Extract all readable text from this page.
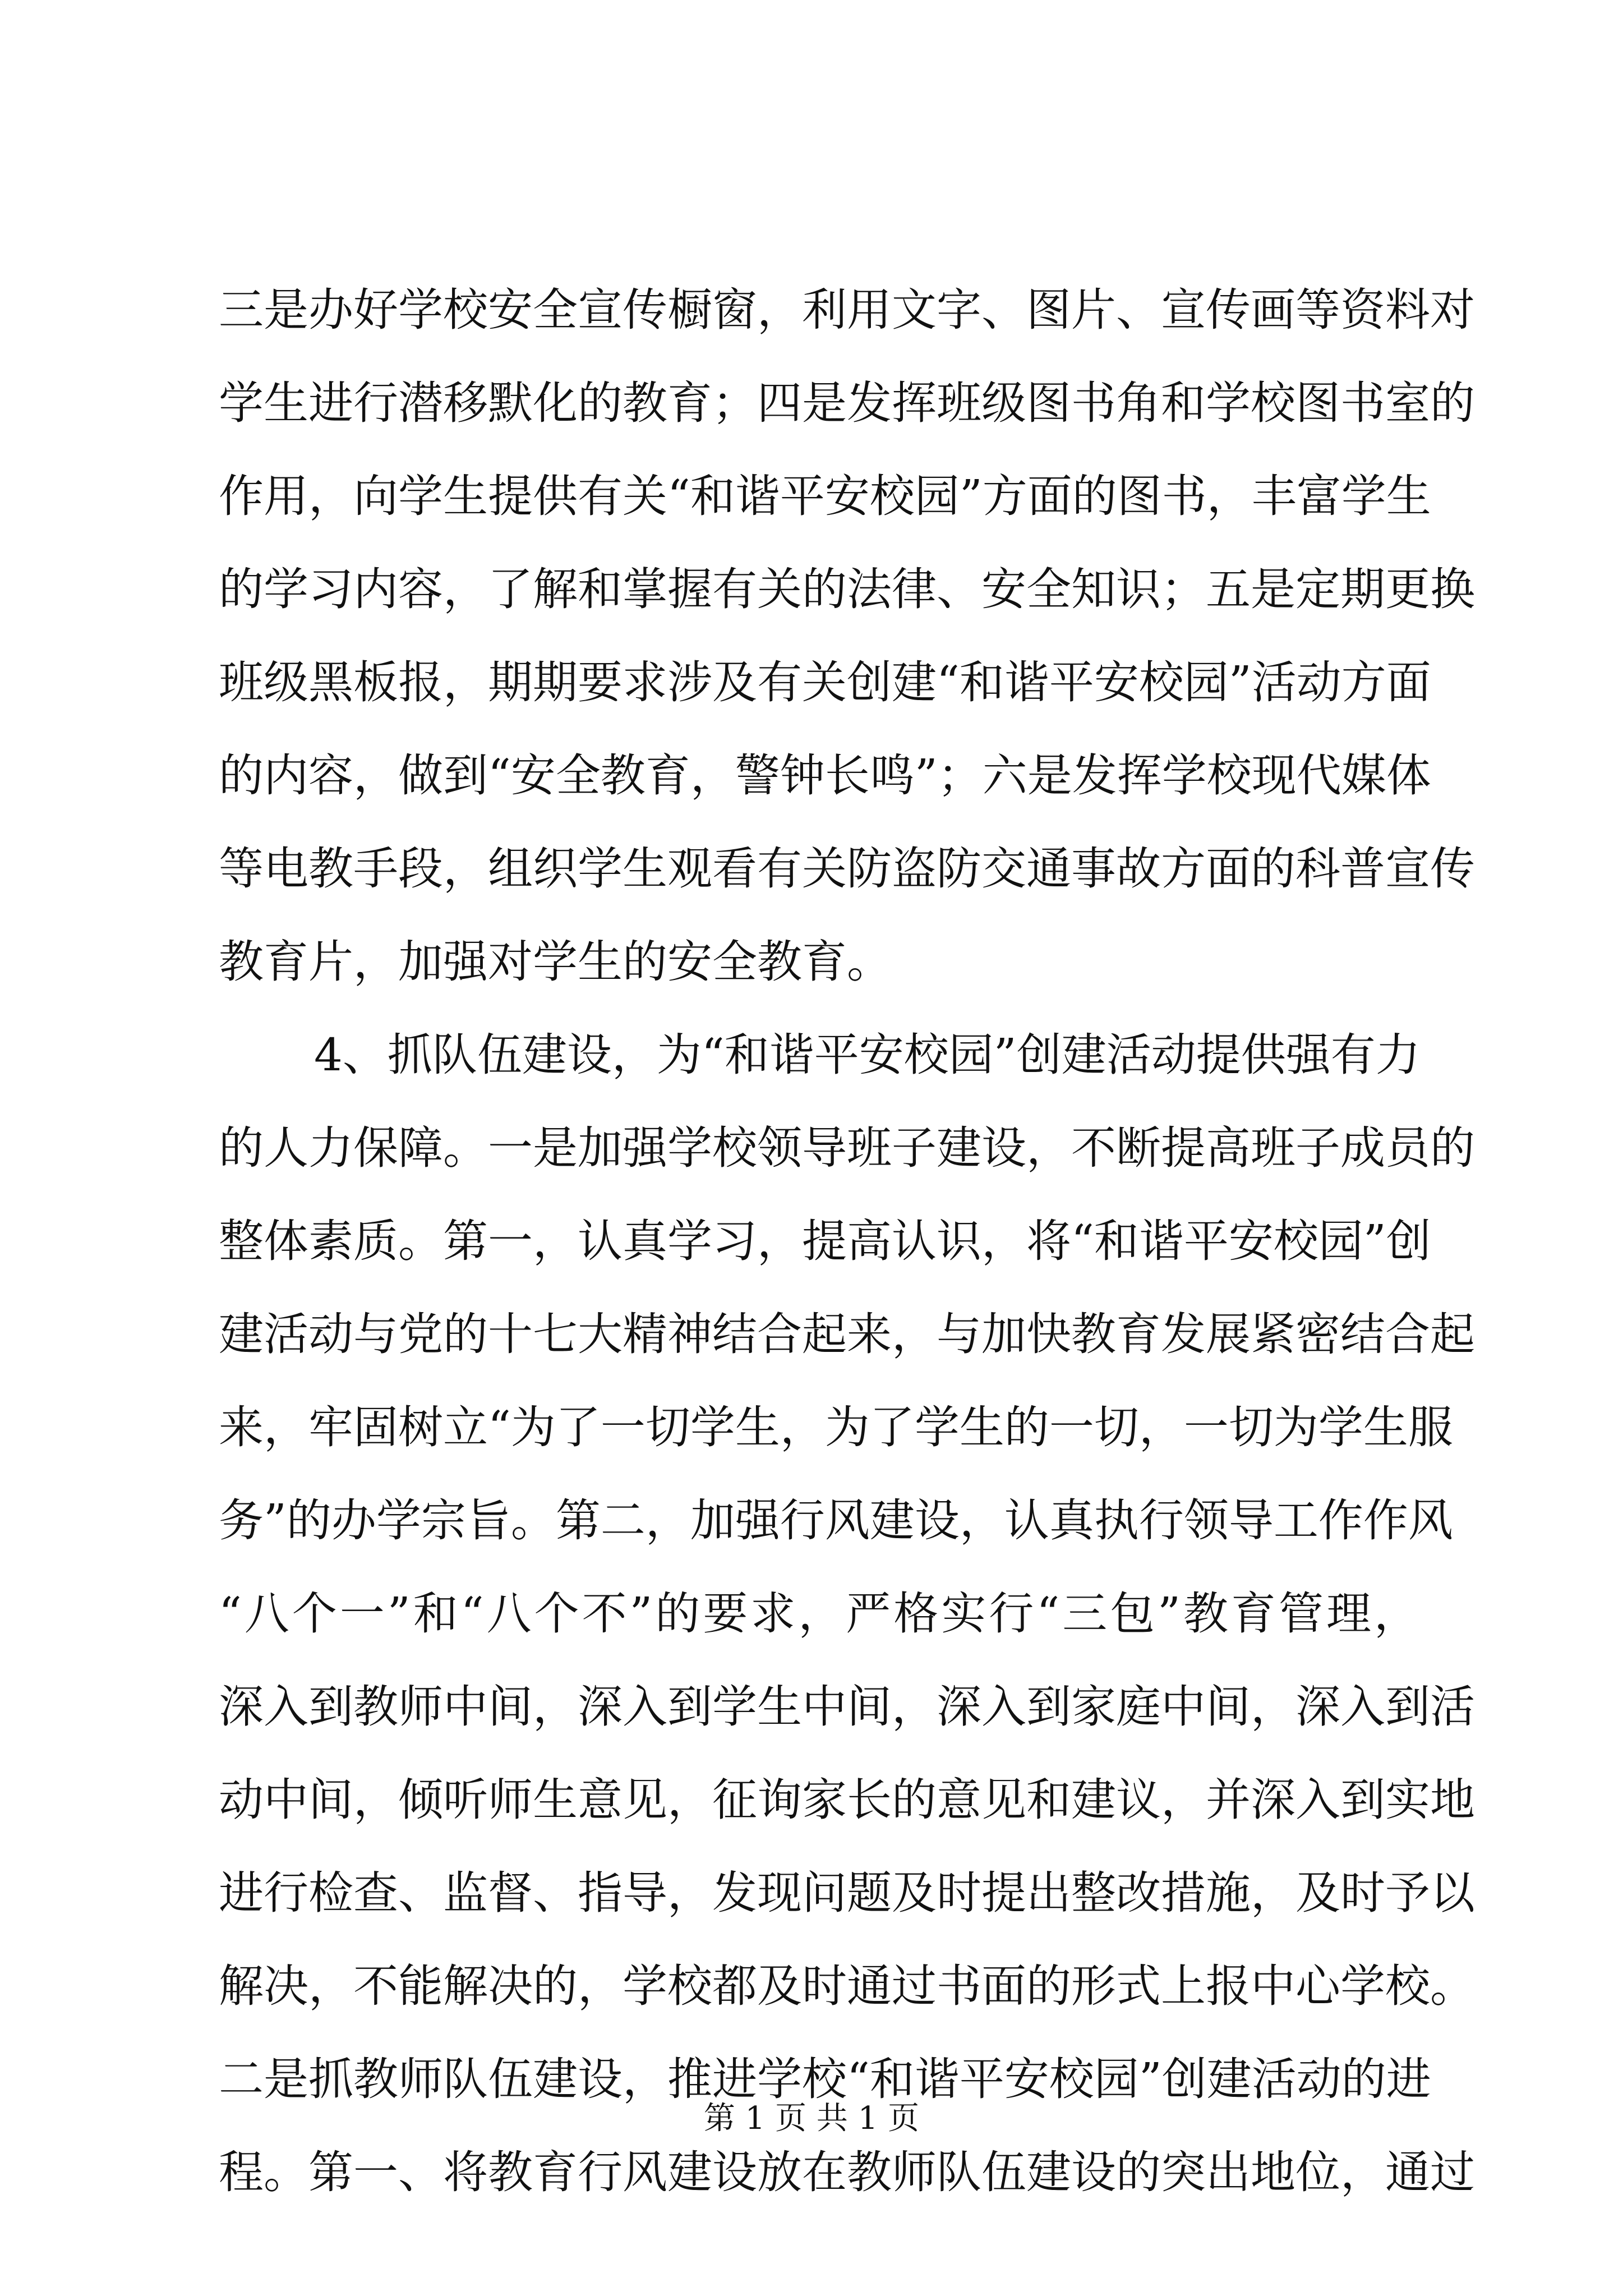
三是办好学校安全宣传橱窗，利用文字、图片、宣传画等资料对
学生进行潜移默化的教育；四是发挥班级图书角和学校图书室的
作用，向学生提供有关“和谐平安校园”方面的图书，丰富学生
的学习内容，了解和掌握有关的法律、安全知识；五是定期更换
班级黑板报，期期要求涉及有关创建“和谐平安校园”活动方面
的内容，做到“安全教育，警钟长鸣”；六是发挥学校现代媒体
等电教手段，组织学生观看有关防盗防交通事故方面的科普宣传
教育片，加强对学生的安全教育。
4、抓队伍建设，为“和谐平安校园”创建活动提供强有力
的人力保障。一是加强学校领导班子建设，不断提高班子成员的
整体素质。第一，认真学习，提高认识，将“和谐平安校园”创
建活动与党的十七大精神结合起来，与加快教育发展紧密结合起
来，牢固树立“为了一切学生，为了学生的一切，一切为学生服
务”的办学宗旨。第二，加强行风建设，认真执行领导工作作风
“八个一”和“八个不”的要求，严格实行“三包”教育管理，
深入到教师中间，深入到学生中间，深入到家庭中间，深入到活
动中间，倾听师生意见，征询家长的意见和建议，并深入到实地
进行检查、监督、指导，发现问题及时提出整改措施，及时予以
解决，不能解决的，学校都及时通过书面的形式上报中心学校。
二是抓教师队伍建设，推进学校“和谐平安校园”创建活动的进
程。第一、将教育行风建设放在教师队伍建设的突出地位，通过
第 1 页 共 1 页
